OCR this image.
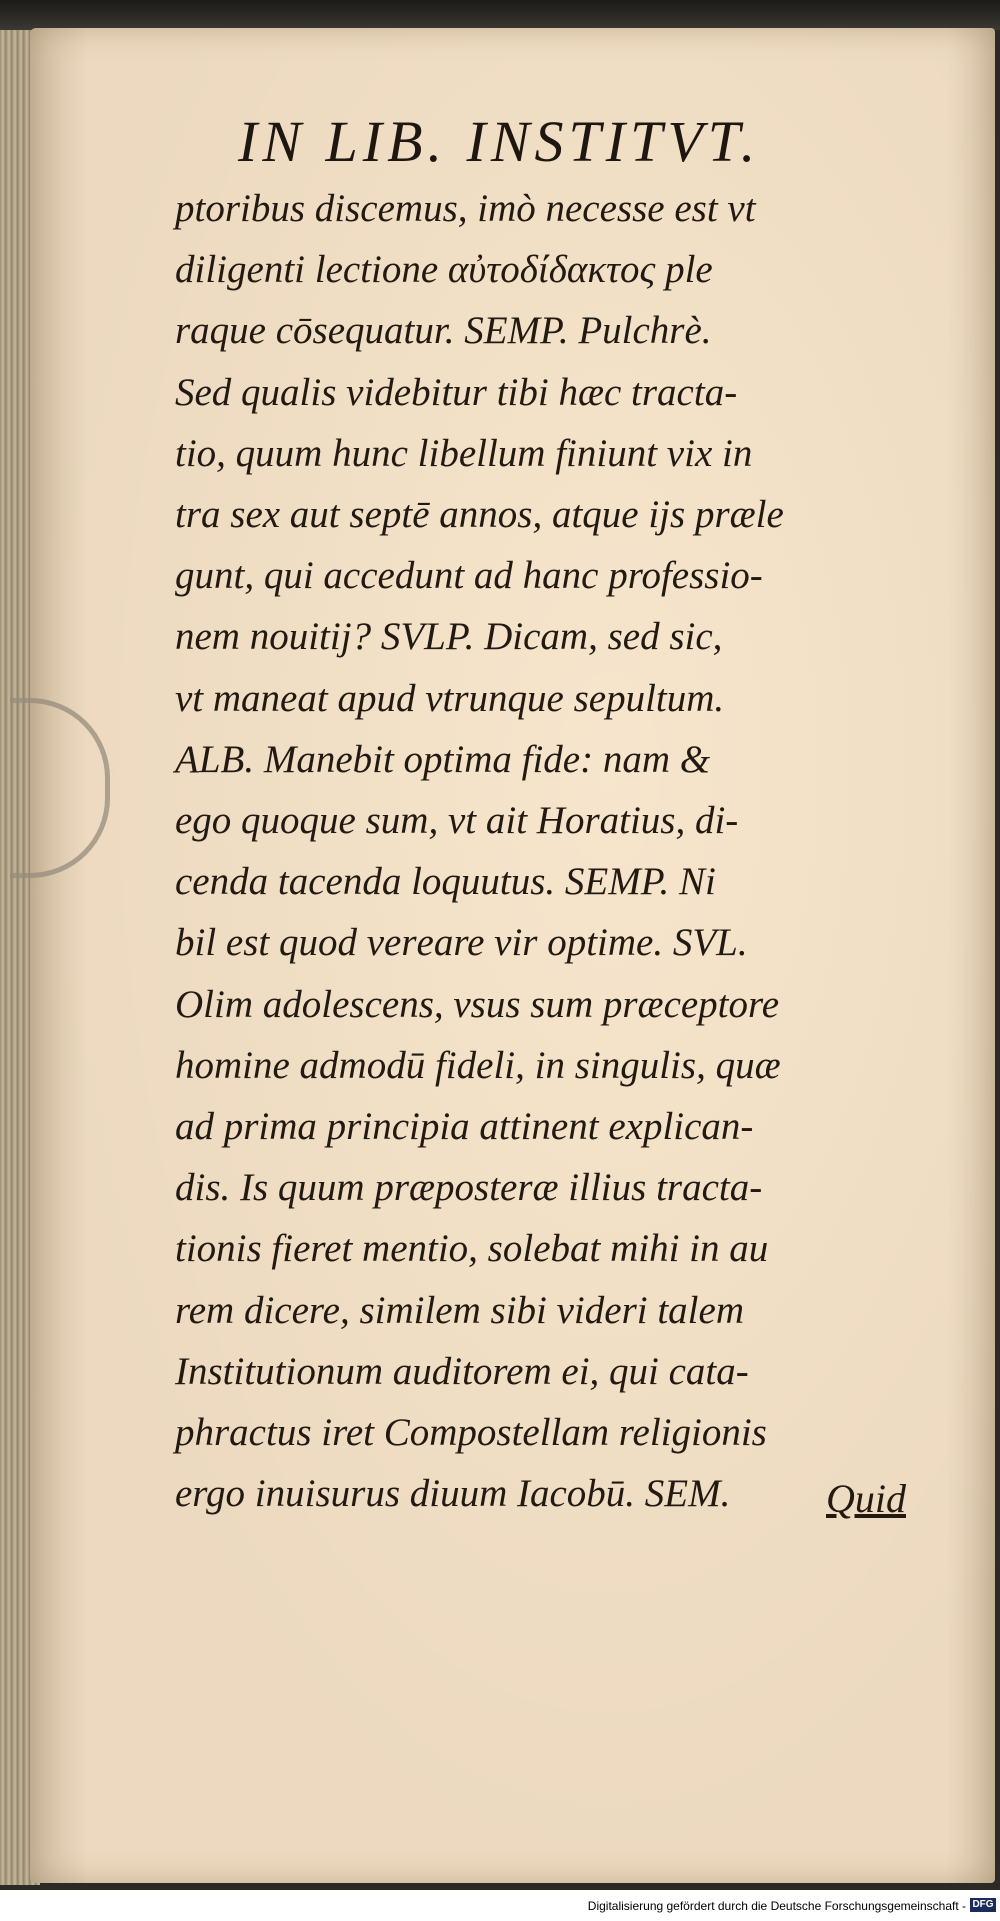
IN LIB. INSTITVT.
ptoribus discemus, imò necesse est vt
diligenti lectione αὐτοδίδακτος ple
raque cōsequatur. SEMP. Pulchrè.
Sed qualis videbitur tibi hæc tracta-
tio, quum hunc libellum finiunt vix in
tra sex aut septē annos, atque ijs præle
gunt, qui accedunt ad hanc professio-
nem nouitij? SVLP. Dicam, sed sic,
vt maneat apud vtrunque sepultum.
ALB. Manebit optima fide: nam &
ego quoque sum, vt ait Horatius, di-
cenda tacenda loquutus. SEMP. Ni
bil est quod verеare vir optime. SVL.
Olim adolescens, vsus sum præceptore
homine admodū fideli, in singulis, quæ
ad prima principia attinent explican-
dis. Is quum præposteræ illius tracta-
tionis fieret mentio, solebat mihi in au
rem dicere, similem sibi videri talem
Institutionum auditorem ei, qui cata-
phractus iret Compostellam religionis
ergo inuisurus diuum Iacobū. SEM.	Quid
Digitalisierung gefördert durch die Deutsche Forschungsgemeinschaft - DFG
